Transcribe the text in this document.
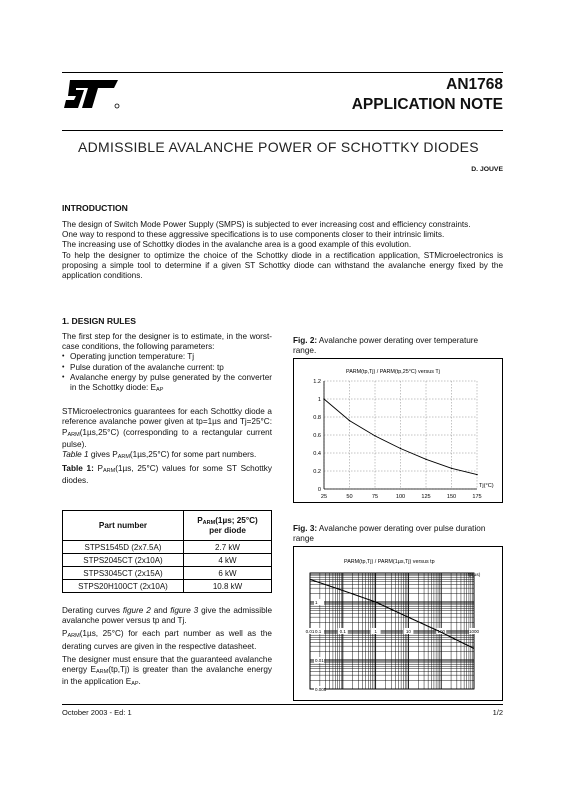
AN1768
APPLICATION NOTE
ADMISSIBLE AVALANCHE POWER OF SCHOTTKY DIODES
D. JOUVE
INTRODUCTION

The design of Switch Mode Power Supply (SMPS) is subjected to ever increasing cost and efficiency constraints.

One way to respond to these aggressive specifications is to use components closer to their intrinsic limits.

The increasing use of Schottky diodes in the avalanche area is a good example of this evolution.

To help the designer to optimize the choice of the Schottky diode in a rectification application, STMicroelectronics is proposing a simple tool to determine if a given ST Schottky diode can withstand the avalanche energy fixed by the application conditions.

1. DESIGN RULES

The first step for the designer is to estimate, in the worst-case conditions, the following parameters:

• Operating junction temperature: Tj
• Pulse duration of the avalanche current: tp
• Avalanche energy by pulse generated by the converter in the Schottky diode: $E_{AP}$

STMicroelectronics guarantees for each Schottky diode a reference avalanche power given at tp=1µs and Tj=25°C: $P_{ARM}(1\mu s,25^\circ C)$ (corresponding to a rectangular current pulse).

Table 1 gives $P_{ARM}(1\mu s,25^\circ C)$ for some part numbers.

Table 1: $P_{ARM}(1\mu s$, 25°C) values for some ST Schottky diodes.

Part number	$P_{ARM}(1\mu s$; 25°C)
per diode
STPS1545D (2x7.5A)	2.7 kW
STPS2045CT (2x10A)	4 kW
STPS3045CT (2x15A)	6 kW
STPS20H100CT (2x10A)	10.8 kW

Derating curves figure 2 and figure 3 give the admissible avalanche power versus tp and Tj.

$P_{ARM}(1\mu s$, 25°C) for each part number as well as the derating curves are given in the respective datasheet.

The designer must ensure that the guaranteed avalanche energy $E_{ARM}(tp,Tj)$ is greater than the avalanche energy in the application $E_{AP}$.

Fig. 2: Avalanche power derating over temperature range.
PARM(tp,Tj) / PARM(tp,25°C) versus Tj
1.2
1
0.8
0.6
0.4
0.2
0
25	50	75	100	125	150	175
Tj(°C)
Fig. 3: Avalanche power derating over pulse duration range
PARM(tp,Tj) / PARM(1µs,Tj) versus tp
1
0.1
0.01
0.001
0.01	0.1	1	10	100	1000
tp(µs)
October 2003 - Ed: 1	1/2
